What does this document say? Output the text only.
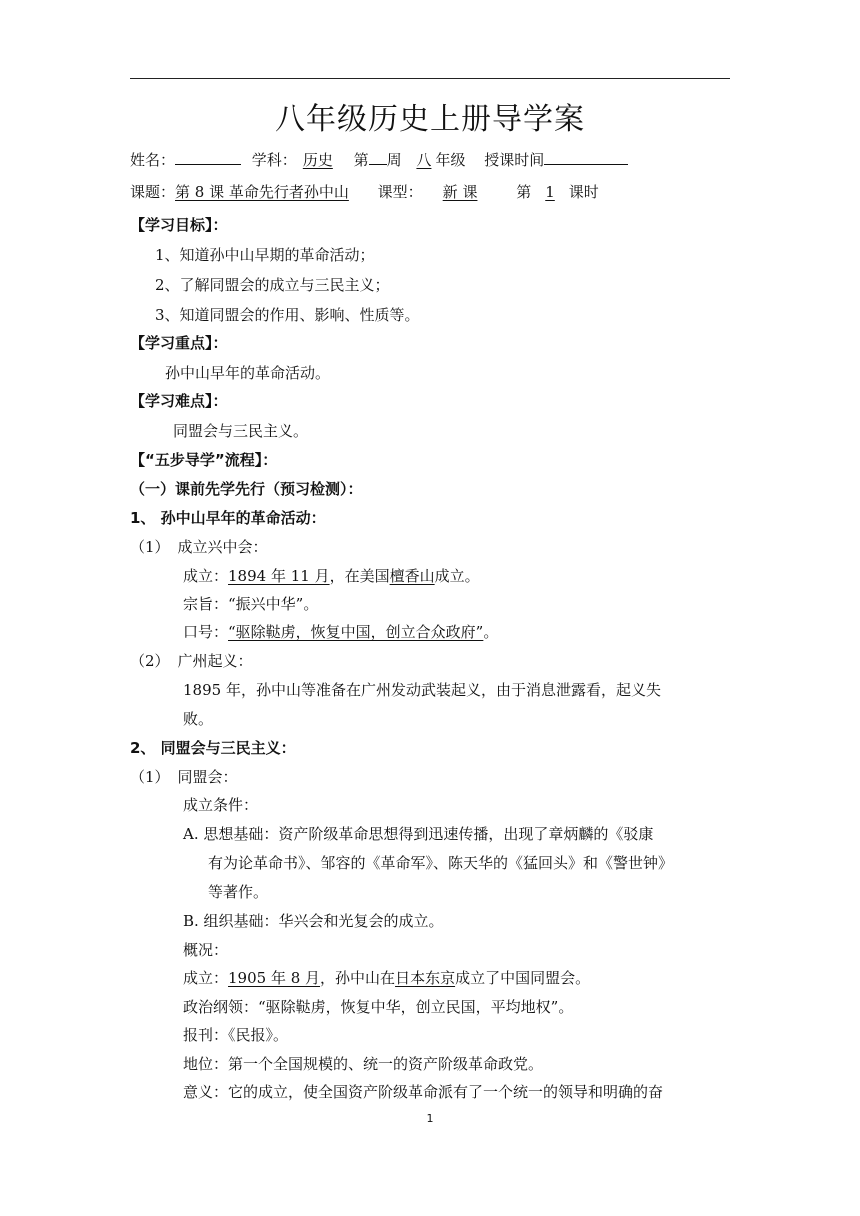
八年级历史上册导学案
姓名：	学科： 历史 第 周 八 年级 授课时间
课题：第 8 课 革命先行者孙中山 课型： 新 课	第 1 课时
【学习目标】：
1、知道孙中山早期的革命活动；
2、了解同盟会的成立与三民主义；
3、知道同盟会的作用、影响、性质等。
【学习重点】：
孙中山早年的革命活动。
【学习难点】：
同盟会与三民主义。
【“五步导学”流程】：
（一）课前先学先行（预习检测）：
1、 孙中山早年的革命活动：
（1） 成立兴中会：
成立：1894 年 11 月，在美国檀香山成立。
宗旨：“振兴中华”。
口号：“驱除鞑虏，恢复中国，创立合众政府”。
（2） 广州起义：
1895 年，孙中山等准备在广州发动武装起义，由于消息泄露看，起义失
败。
2、 同盟会与三民主义：
（1） 同盟会：
成立条件：
A. 思想基础：资产阶级革命思想得到迅速传播，出现了章炳麟的《驳康
有为论革命书》、邹容的《革命军》、陈天华的《猛回头》和《警世钟》
等著作。
B. 组织基础：华兴会和光复会的成立。
概况：
成立：1905 年 8 月，孙中山在日本东京成立了中国同盟会。
政治纲领：“驱除鞑虏，恢复中华，创立民国，平均地权”。
报刊：《民报》。
地位：第一个全国规模的、统一的资产阶级革命政党。
意义：它的成立，使全国资产阶级革命派有了一个统一的领导和明确的奋
1
